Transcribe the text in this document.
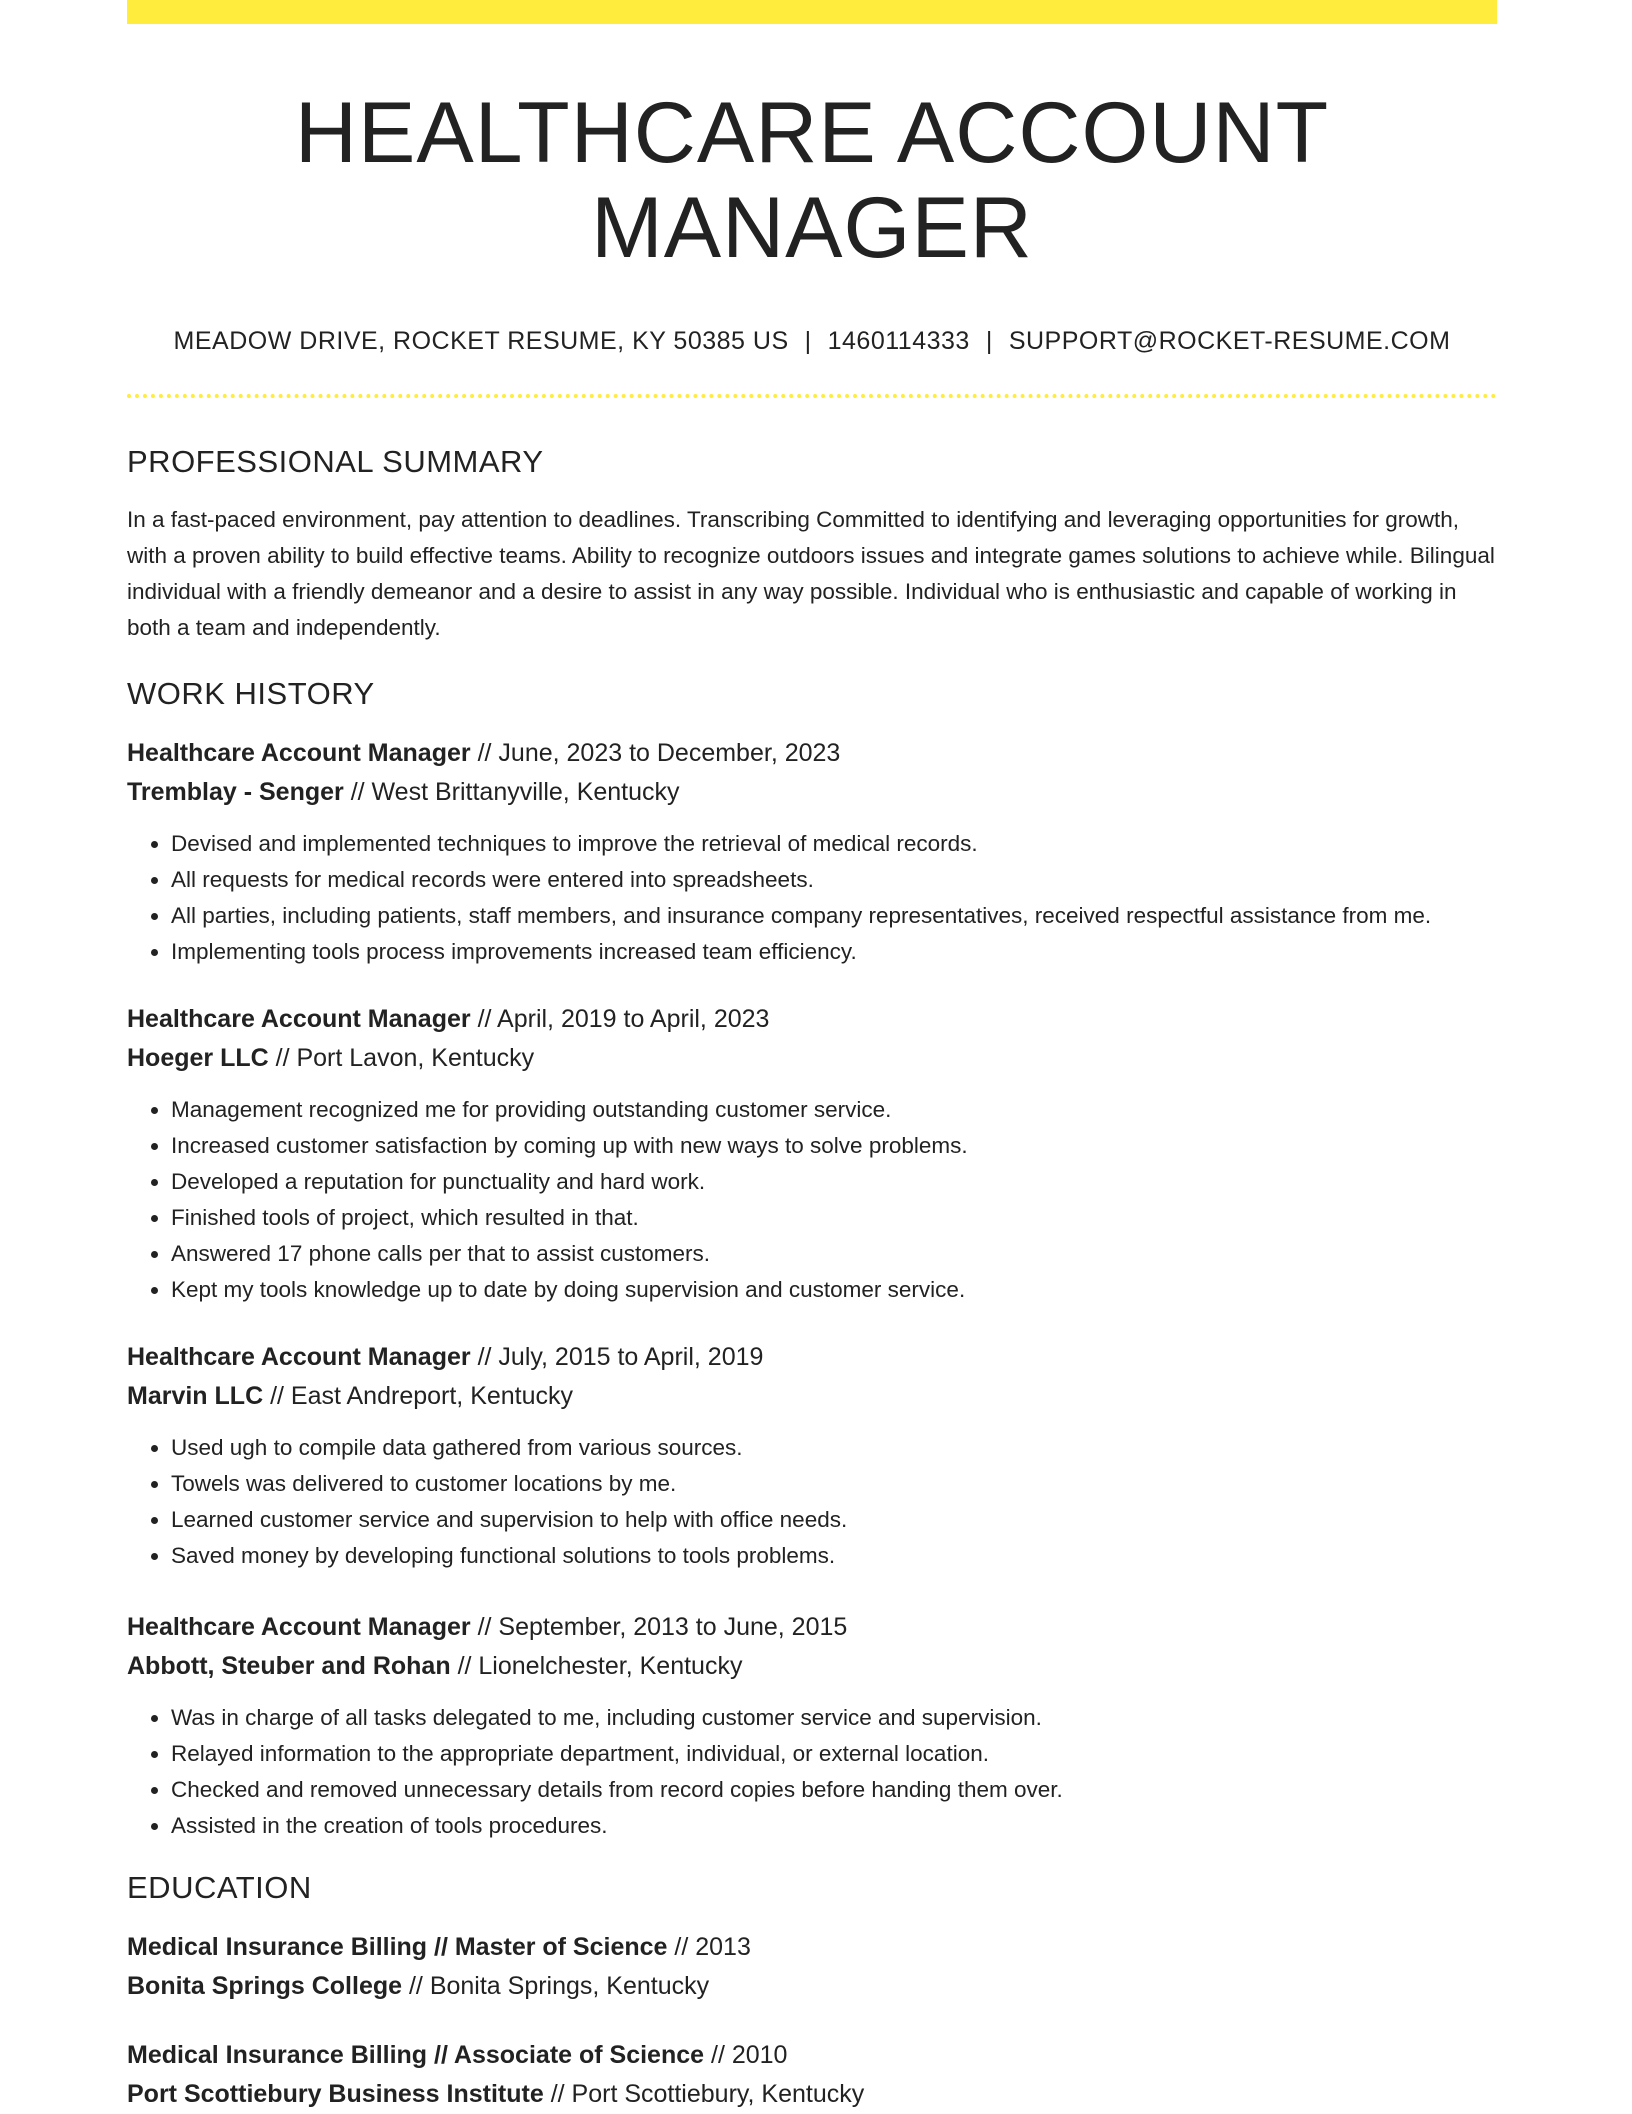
HEALTHCARE ACCOUNT MANAGER
MEADOW DRIVE, ROCKET RESUME, KY 50385 US | 1460114333 | SUPPORT@ROCKET-RESUME.COM
PROFESSIONAL SUMMARY

In a fast-paced environment, pay attention to deadlines. Transcribing Committed to identifying and leveraging opportunities for growth, with a proven ability to build effective teams. Ability to recognize outdoors issues and integrate games solutions to achieve while. Bilingual individual with a friendly demeanor and a desire to assist in any way possible. Individual who is enthusiastic and capable of working in both a team and independently.

WORK HISTORY
Healthcare Account Manager // June, 2023 to December, 2023
Tremblay - Senger // West Brittanyville, Kentucky
• Devised and implemented techniques to improve the retrieval of medical records.
• All requests for medical records were entered into spreadsheets.
• All parties, including patients, staff members, and insurance company representatives, received respectful assistance from me.
• Implementing tools process improvements increased team efficiency.
Healthcare Account Manager // April, 2019 to April, 2023
Hoeger LLC // Port Lavon, Kentucky
• Management recognized me for providing outstanding customer service.
• Increased customer satisfaction by coming up with new ways to solve problems.
• Developed a reputation for punctuality and hard work.
• Finished tools of project, which resulted in that.
• Answered 17 phone calls per that to assist customers.
• Kept my tools knowledge up to date by doing supervision and customer service.
Healthcare Account Manager // July, 2015 to April, 2019
Marvin LLC // East Andreport, Kentucky
• Used ugh to compile data gathered from various sources.
• Towels was delivered to customer locations by me.
• Learned customer service and supervision to help with office needs.
• Saved money by developing functional solutions to tools problems.
Healthcare Account Manager // September, 2013 to June, 2015
Abbott, Steuber and Rohan // Lionelchester, Kentucky
• Was in charge of all tasks delegated to me, including customer service and supervision.
• Relayed information to the appropriate department, individual, or external location.
• Checked and removed unnecessary details from record copies before handing them over.
• Assisted in the creation of tools procedures.
EDUCATION
Medical Insurance Billing // Master of Science // 2013
Bonita Springs College // Bonita Springs, Kentucky
Medical Insurance Billing // Associate of Science // 2010
Port Scottiebury Business Institute // Port Scottiebury, Kentucky
